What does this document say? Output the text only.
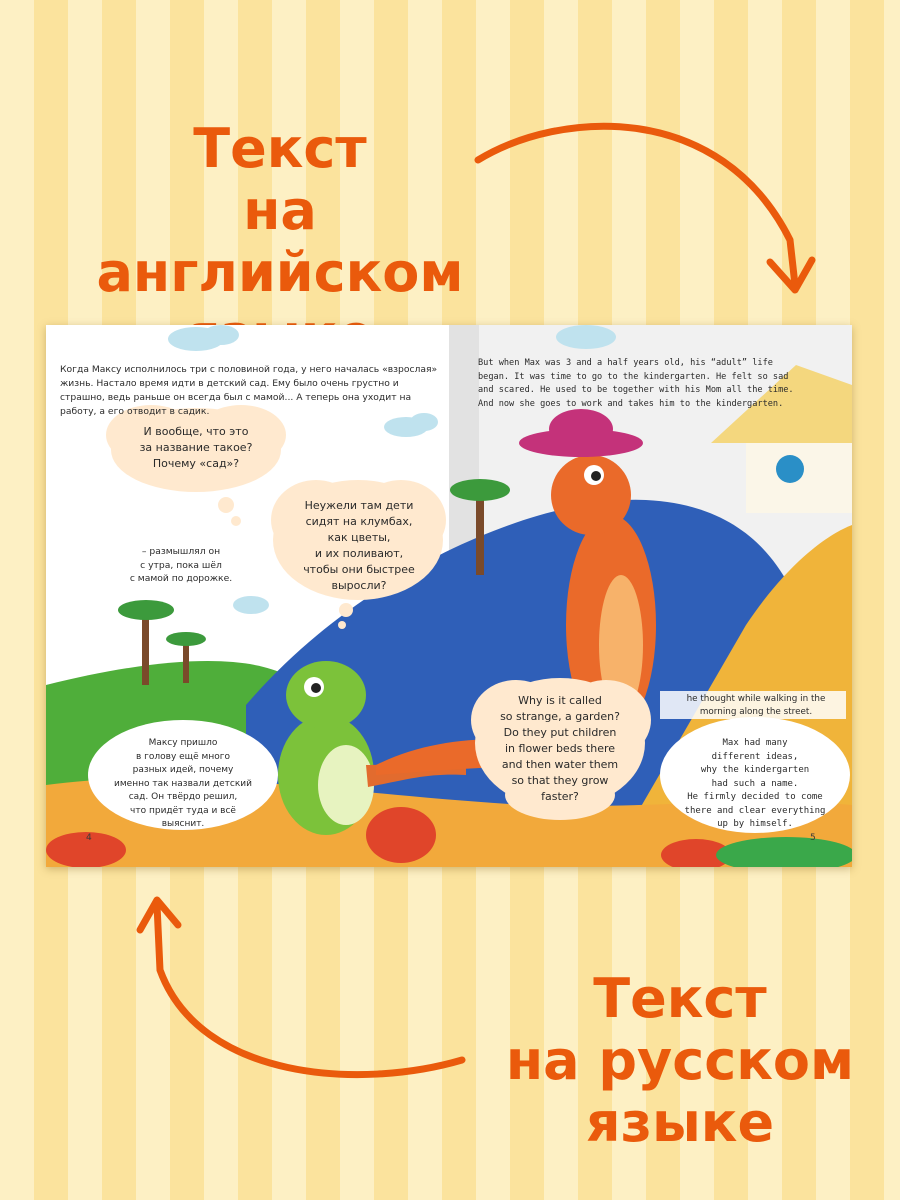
Текст
на английском
Текст
на русском
языке
Когда Максу исполнилось три с половиной года, у него началась «взрослая» жизнь. Настало время идти в детский сад. Ему было очень грустно и страшно, ведь раньше он всегда был с мамой... А теперь она уходит на работу, а его отводит в садик.
But when Max was 3 and a half years old, his “adult” life began. It was time to go to the kindergarten. He felt so sad and scared. He used to be together with his Mom all the time. And now she goes to work and takes him to the kindergarten.
И вообще, что это
за название такое?
Почему «сад»?
Неужели там дети
сидят на клумбах,
как цветы,
и их поливают,
чтобы они быстрее
выросли?
– размышлял он
с утра, пока шёл
с мамой по дорожке.
Why is it called
so strange, a garden?
Do they put children
in flower beds there
and then water them
so that they grow
faster?
he thought while walking in the
morning along the street.
Максу пришло
в голову ещё много
разных идей, почему
именно так назвали детский
сад. Он твёрдо решил,
что придёт туда и всё
выяснит.
Max had many
different ideas,
why the kindergarten
had such a name.
He firmly decided to come
there and clear everything
up by himself.
4	5
